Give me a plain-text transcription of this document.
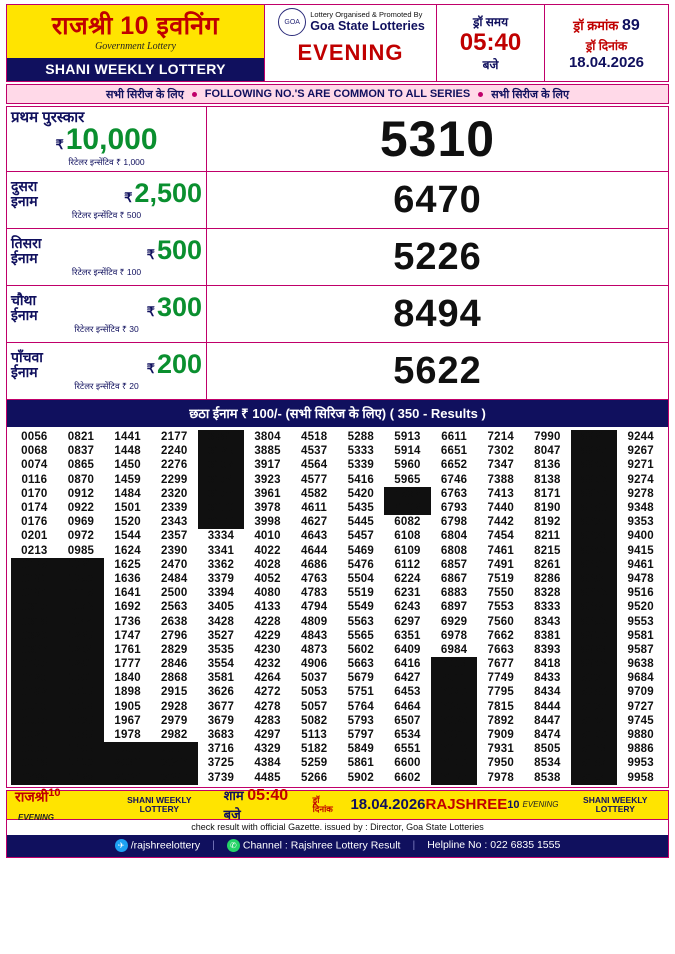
राजश्री 10 इवनिंग
Government Lottery
SHANI WEEKLY LOTTERY
GOA
Lottery Organised & Promoted By
Goa State Lotteries
EVENING
ड्रॉ समय
05:40
बजे
ड्रॉ क्रमांक 89
ड्रॉ दिनांक
18.04.2026
सभी सिरीज के लिए FOLLOWING NO.'S ARE COMMON TO ALL SERIES सभी सिरीज के लिए
प्रथम पुरस्कार
₹ 10,000
रिटेलर इन्सेंटिव ₹ 1,000	5310
दुसरा
इनाम	₹ 2,500
रिटेलर इन्सेंटिव ₹ 500	6470
तिसरा
ईनाम	₹ 500
रिटेलर इन्सेंटिव ₹ 100	5226
चौथा
ईनाम	₹ 300
रिटेलर इन्सेंटिव ₹ 30	8494
पाँचवा
ईनाम	₹ 200
रिटेलर इन्सेंटिव ₹ 20	5622
छठा ईनाम ₹ 100/- (सभी सिरिज के लिए) ( 350 - Results )
0056	0821	1441	2177	3081	3804	4518	5288	5913	6611	7214	7990	8621	9244
0068	0837	1448	2240	3125	3885	4537	5333	5914	6651	7302	8047	8627	9267
0074	0865	1450	2276	3132	3917	4564	5339	5960	6652	7347	8136	8643	9271
0116	0870	1459	2299	3154	3923	4577	5416	5965	6746	7388	8138	8653	9274
0170	0912	1484	2320	3157	3961	4582	5420	5982	6763	7413	8171	8676	9278
0174	0922	1501	2339	3200	3978	4611	5435	6002	6793	7440	8190	8780	9348
0176	0969	1520	2343	3306	3998	4627	5445	6082	6798	7442	8192	8837	9353
0201	0972	1544	2357	3334	4010	4643	5457	6108	6804	7454	8211	8839	9400
0213	0985	1624	2390	3341	4022	4644	5469	6109	6808	7461	8215	8843	9415
0279	1021	1625	2470	3362	4028	4686	5476	6112	6857	7491	8261	8851	9461
0291	1093	1636	2484	3379	4052	4763	5504	6224	6867	7519	8286	8864	9478
0294	1119	1641	2500	3394	4080	4783	5519	6231	6883	7550	8328	8873	9516
0315	1123	1692	2563	3405	4133	4794	5549	6243	6897	7553	8333	8884	9520
0318	1144	1736	2638	3428	4228	4809	5563	6297	6929	7560	8343	8893	9553
0326	1226	1747	2796	3527	4229	4843	5565	6351	6978	7662	8381	8916	9581
0387	1254	1761	2829	3535	4230	4873	5602	6409	6984	7663	8393	8929	9587
0405	1261	1777	2846	3554	4232	4906	5663	6416	7009	7677	8418	8948	9638
0423	1301	1840	2868	3581	4264	5037	5679	6427	7011	7749	8433	9031	9684
0462	1316	1898	2915	3626	4272	5053	5751	6453	7026	7795	8434	9080	9709
0513	1319	1905	2928	3677	4278	5057	5764	6464	7046	7815	8444	9137	9727
0535	1336	1967	2979	3679	4283	5082	5793	6507	7053	7892	8447	9144	9745
0627	1386	1978	2982	3683	4297	5113	5797	6534	7061	7909	8474	9156	9880
0635	1405	2008	3007	3716	4329	5182	5849	6551	7070	7931	8505	9179	9886
0648	1413	2092	3047	3725	4384	5259	5861	6600	7136	7950	8534	9182	9953
0768	1428	2105	3080	3739	4485	5266	5902	6602	7157	7978	8538	9194	9958
राजश्री$^{10}$ EVENING
SHANI WEEKLY LOTTERY
शाम 05:40 बजे
ड्रॉ दिनांक	18.04.2026 RAJSHREE 10 EVENING	SHANI WEEKLY LOTTERY
check result with official Gazette. issued by : Director, Goa State Lotteries
✈ /rajshreelottery |	✆ Channel : Rajshree Lottery Result | Helpline No : 022 6835 1555
